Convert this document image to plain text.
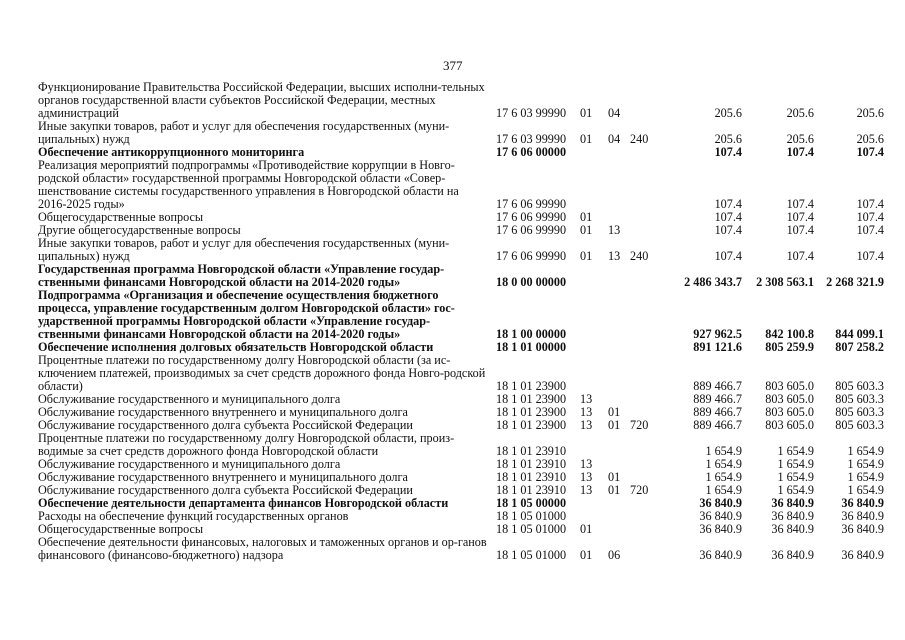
377
Функционирование Правительства Российской Федерации, высших исполни-тельных органов государственной власти субъектов Российской Федерации, местных администраций	17 6 03 99990	01	04		205.6	205.6	205.6
Иные закупки товаров, работ и услуг для обеспечения государственных (муни-ципальных) нужд	17 6 03 99990	01	04	240	205.6	205.6	205.6
Обеспечение антикоррупционного мониторинга	17 6 06 00000				107.4	107.4	107.4
Реализация мероприятий подпрограммы «Противодействие коррупции в Новго-родской области» государственной программы Новгородской области «Совер-шенствование системы государственного управления в Новгородской области на 2016-2025 годы»	17 6 06 99990				107.4	107.4	107.4
Общегосударственные вопросы	17 6 06 99990	01			107.4	107.4	107.4
Другие общегосударственные вопросы	17 6 06 99990	01	13		107.4	107.4	107.4
Иные закупки товаров, работ и услуг для обеспечения государственных (муни-ципальных) нужд	17 6 06 99990	01	13	240	107.4	107.4	107.4
Государственная программа Новгородской области «Управление государ-ственными финансами Новгородской области на 2014-2020 годы»	18 0 00 00000				2 486 343.7	2 308 563.1	2 268 321.9
Подпрограмма «Организация и обеспечение осуществления бюджетного процесса, управление государственным долгом Новгородской области» гос-ударственной программы Новгородской области «Управление государ-ственными финансами Новгородской области на 2014-2020 годы»	18 1 00 00000				927 962.5	842 100.8	844 099.1
Обеспечение исполнения долговых обязательств Новгородской области	18 1 01 00000				891 121.6	805 259.9	807 258.2
Процентные платежи по государственному долгу Новгородской области (за ис-ключением платежей, производимых за счет средств дорожного фонда Новго-родской области)	18 1 01 23900				889 466.7	803 605.0	805 603.3
Обслуживание государственного и муниципального долга	18 1 01 23900	13			889 466.7	803 605.0	805 603.3
Обслуживание государственного внутреннего и муниципального долга	18 1 01 23900	13	01		889 466.7	803 605.0	805 603.3
Обслуживание государственного долга субъекта Российской Федерации	18 1 01 23900	13	01	720	889 466.7	803 605.0	805 603.3
Процентные платежи по государственному долгу Новгородской области, произ-водимые за счет средств дорожного фонда Новгородской области	18 1 01 23910				1 654.9	1 654.9	1 654.9
Обслуживание государственного и муниципального долга	18 1 01 23910	13			1 654.9	1 654.9	1 654.9
Обслуживание государственного внутреннего и муниципального долга	18 1 01 23910	13	01		1 654.9	1 654.9	1 654.9
Обслуживание государственного долга субъекта Российской Федерации	18 1 01 23910	13	01	720	1 654.9	1 654.9	1 654.9
Обеспечение деятельности департамента финансов Новгородской области	18 1 05 00000				36 840.9	36 840.9	36 840.9
Расходы на обеспечение функций государственных органов	18 1 05 01000				36 840.9	36 840.9	36 840.9
Общегосударственные вопросы	18 1 05 01000	01			36 840.9	36 840.9	36 840.9
Обеспечение деятельности финансовых, налоговых и таможенных органов и ор-ганов финансового (финансово-бюджетного) надзора	18 1 05 01000	01	06		36 840.9	36 840.9	36 840.9
